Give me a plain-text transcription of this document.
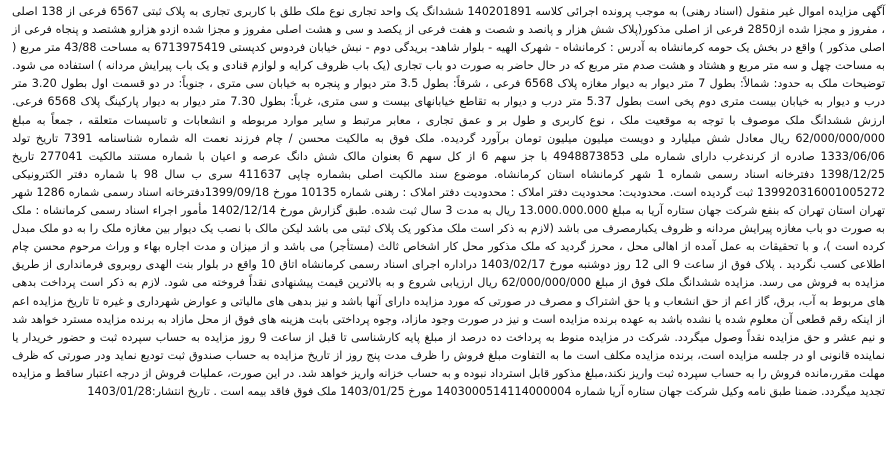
آگهی مزایده اموال غیر منقول (اسناد رهنی) به موجب پرونده اجرائی کلاسه 140201891 ششدانگ یک واحد تجاری نوع ملک طلق با کاربری تجاری به پلاک ثبتی 6567 فرعی از 138 اصلی ، مفروز و مجزا شده از2850 فرعی از اصلی مذکور(پلاک شش هزار و پانصد و شصت و هفت فرعی از یکصد و سی و هشت اصلی مفروز و مجزا شده ازدو هزارو هشتصد و پنجاه فرعی از اصلی مذکور ) واقع در بخش یک حومه کرمانشاه به آدرس : کرمانشاه - شهرک الهیه - بلوار شاهد- بریدگی دوم - نبش خیابان فردوس کدپستی 6713975419 به مساحت 43/88 متر مربع ( به مساحت چهل و سه متر مربع و هشتاد و هشت صدم متر مربع که در حال حاضر به صورت دو باب تجاری (یک باب ظروف کرایه و لوازم قنادی و یک باب پیرایش مردانه ) استفاده می شود. توضیحات ملک به حدود: شمالاً: بطول 7 متر دیوار به دیوار مغازه پلاک 6568 فرعی ، شرقاً: بطول 3.5 متر دیوار و پنجره به خیابان سی متری ، جنوباً: در دو قسمت اول بطول 3.20 متر درب و دیوار به خیابان بیست متری دوم پخی است بطول 5.37 متر درب و دیوار به تقاطع خیابانهای بیست و سی متری، غرباً: بطول 7.30 متر دیوار به دیوار پارکینگ پلاک 6568 فرعی. ارزش ششدانگ ملک موصوف با توجه به موقعیت ملک ، نوع کاربری و طول بر و عمق تجاری ، معابر مرتبط و سایر موارد مربوطه و انشعابات و تاسیسات متعلقه ، جمعاً به مبلغ 62/000/000/000 ریال معادل شش میلیارد و دویست میلیون میلیون تومان برآورد گردیده. ملک فوق به مالکیت محسن / چام فرزند نعمت اله شماره شناسنامه 7391 تاریخ تولد 1333/06/06 صادره از کرندغرب دارای شماره ملی 4948873853 با جز سهم 6 از کل سهم 6 بعنوان مالک شش دانگ عرصه و اعیان با شماره مستند مالکیت 277041 تاریخ 1398/12/25 دفترخانه اسناد رسمی شماره 1 شهر کرمانشاه استان کرمانشاه. موضوع سند مالکیت اصلی بشماره چاپی 411637 سری ب سال 98 با شماره دفتر الکترونیکی 139920316001005272 ثبت گردیده است. محدودیت: محدودیت دفتر املاک : محدودیت دفتر املاک : رهنی شماره 10135 مورخ 1399/09/18دفترخانه اسناد رسمی شماره 1286 شهر تهران استان تهران که بنفع شرکت جهان ستاره آریا به مبلغ 13.000.000.000 ریال به مدت 3 سال ثبت شده. طبق گزارش مورخ 1402/12/14 مأمور اجراء اسناد رسمی کرمانشاه : ملک به صورت دو باب مغازه پیرایش مردانه و ظروف یکبارمصرف می باشد (لازم به ذکر است ملک مذکور یک پلاک ثبتی می باشد لیکن مالک با نصب یک دیوار بین مغازه ملک را به دو ملک مبدل کرده است )، و با تحقیقات به عمل آمده از اهالی محل ، محرز گردید که ملک مذکور محل کار اشخاص ثالث (مستأجر) می باشد و از میزان و مدت اجاره بهاء و وراث مرحوم محسن چام اطلاعی کسب نگردید . پلاک فوق از ساعت 9 الی 12 روز دوشنبه مورخ 1403/02/17 دراداره اجرای اسناد رسمی کرمانشاه اتاق 10 واقع در بلوار بنت الهدی روبروی فرمانداری از طریق مزایده به فروش می رسد. مزایده ششدانگ ملک فوق از مبلغ 62/000/000/000 ریال ارزیابی شروع و به بالاترین قیمت پیشنهادی نقداً فروخته می شود. لازم به ذکر است پرداخت بدهی های مربوط به آب، برق، گاز اعم از حق انشعاب و یا حق اشتراک و مصرف در صورتی که مورد مزایده دارای آنها باشد و نیز بدهی های مالیاتی و عوارض شهرداری و غیره تا تاریخ مزایده اعم از اینکه رقم قطعی آن معلوم شده یا نشده باشد به عهده برنده مزایده است و نیز در صورت وجود مازاد، وجوه پرداختی بابت هزینه های فوق از محل مازاد به برنده مزایده مسترد خواهد شد و نیم عشر و حق مزایده نقداً وصول میگردد. شرکت در مزایده منوط به پرداخت ده درصد از مبلغ پایه کارشناسی تا قبل از ساعت 9 روز مزایده به حساب سپرده ثبت و حضور خریدار یا نماینده قانونی او در جلسه مزایده است، برنده مزایده مکلف است ما به التفاوت مبلغ فروش را ظرف مدت پنج روز از تاریخ مزایده به حساب صندوق ثبت تودیع نماید ودر صورتی که ظرف مهلت مقرر،مانده فروش را به حساب سپرده ثبت واریز نکند،مبلغ مذکور قابل استرداد نبوده و به حساب خزانه واریز خواهد شد. در این صورت، عملیات فروش از درجه اعتبار ساقط و مزایده تجدید میگردد. ضمنا طبق نامه وکیل شرکت جهان ستاره آریا شماره 1403000514114000004 مورخ 1403/01/25 ملک فوق فاقد بیمه است . تاریخ انتشار:1403/01/28
